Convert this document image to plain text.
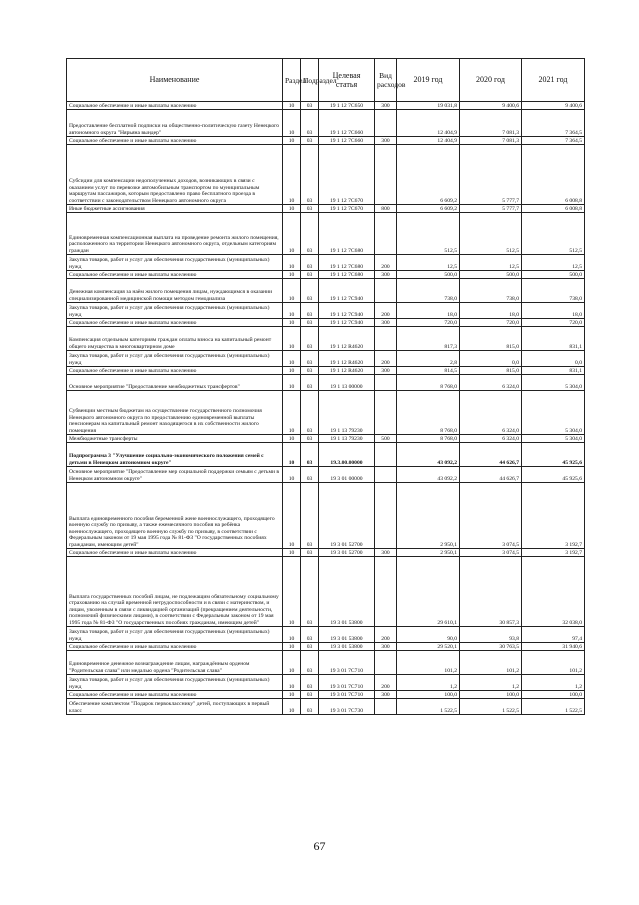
Наименование	Раздел	Подраздел	Целевая статья	Вид расходов	2019 год	2020 год	2021 год
Социальное обеспечение и иные выплаты населению	10	03	19 1 12 7С650	300	19 031,8	9 400,6	9 400,6
Предоставление бесплатной подписки на общественно-политическую газету Ненецкого автономного округа "Нярьяна вындер"	10	03	19 1 12 7С660		12 404,9	7 081,3	7 364,5
Социальное обеспечение и иные выплаты населению	10	03	19 1 12 7С660	300	12 404,9	7 081,3	7 364,5
Субсидии для компенсации недополученных доходов, возникающих в связи с оказанием услуг по перевозке автомобильным транспортом по муниципальным маршрутам пассажиров, которым предоставлено право бесплатного проезда в соответствии с законодательством Ненецкого автономного округа	10	03	19 1 12 7С670		6 609,2	5 777,7	6 008,8
Иные бюджетные ассигнования	10	03	19 1 12 7С670	800	6 609,2	5 777,7	6 008,8
Единовременная компенсационная выплата на проведение ремонта жилого помещения, расположенного на территории Ненецкого автономного округа, отдельным категориям граждан	10	03	19 1 12 7С680		512,5	512,5	512,5
Закупка товаров, работ и услуг для обеспечения государственных (муниципальных) нужд	10	03	19 1 12 7С680	200	12,5	12,5	12,5
Социальное обеспечение и иные выплаты населению	10	03	19 1 12 7С680	300	500,0	500,0	500,0
Денежная компенсация за наём жилого помещения лицам, нуждающимся в оказании специализированной медицинской помощи методом гемодиализа	10	03	19 1 12 7С940		738,0	738,0	738,0
Закупка товаров, работ и услуг для обеспечения государственных (муниципальных) нужд	10	03	19 1 12 7С940	200	18,0	18,0	18,0
Социальное обеспечение и иные выплаты населению	10	03	19 1 12 7С940	300	720,0	720,0	720,0
Компенсация отдельным категориям граждан оплаты взноса на капитальный ремонт общего имущества в многоквартирном доме	10	03	19 1 12 R4620		817,3	815,0	831,1
Закупка товаров, работ и услуг для обеспечения государственных (муниципальных) нужд	10	03	19 1 12 R4620	200	2,8	0,0	0,0
Социальное обеспечение и иные выплаты населению	10	03	19 1 12 R4620	300	814,5	815,0	831,1
Основное мероприятие "Предоставление межбюджетных трансфертов"	10	03	19 1 13 00000		8 768,0	6 324,0	5 304,0
Субвенции местным бюджетам на осуществление государственного полномочия Ненецкого автономного округа по предоставлению единовременной выплаты пенсионерам на капитальный ремонт находящегося в их собственности жилого помещения	10	03	19 1 13 79230		8 768,0	6 324,0	5 304,0
Межбюджетные трансферты	10	03	19 1 13 79230	500	8 768,0	6 324,0	5 304,0
Подпрограмма 3 "Улучшение социально-экономического положения семей с детьми в Ненецком автономном округе"	10	03	19.3.00.00000		43 092,2	44 626,7	45 925,6
Основное мероприятие "Предоставление мер социальной поддержки семьям с детьми в Ненецком автономном округе"	10	03	19 3 01 00000		43 092,2	44 626,7	45 925,6
Выплата единовременного пособия беременной жене военнослужащего, проходящего военную службу по призыву, а также ежемесячного пособия на ребёнка военнослужащего, проходящего военную службу по призыву, в соответствии с Федеральным законом от 19 мая 1995 года № 81-ФЗ "О государственных пособиях гражданам, имеющим детей"	10	03	19 3 01 52700		2 950,1	3 074,5	3 192,7
Социальное обеспечение и иные выплаты населению	10	03	19 3 01 52700	300	2 950,1	3 074,5	3 192,7
Выплата государственных пособий лицам, не подлежащим обязательному социальному страхованию на случай временной нетрудоспособности и в связи с материнством, и лицам, уволенным в связи с ликвидацией организаций (прекращением деятельности, полномочий физическими лицами), в соответствии с Федеральным законом от 19 мая 1995 года № 81-ФЗ "О государственных пособиях гражданам, имеющим детей"	10	03	19 3 01 53800		29 610,1	30 857,3	32 038,0
Закупка товаров, работ и услуг для обеспечения государственных (муниципальных) нужд	10	03	19 3 01 53800	200	90,0	93,8	97,4
Социальное обеспечение и иные выплаты населению	10	03	19 3 01 53800	300	29 520,1	30 763,5	31 940,6
Единовременное денежное вознаграждение лицам, награждённым орденом "Родительская слава" или медалью ордена "Родительская слава"	10	03	19 3 01 7С710		101,2	101,2	101,2
Закупка товаров, работ и услуг для обеспечения государственных (муниципальных) нужд	10	03	19 3 01 7С710	200	1,2	1,2	1,2
Социальное обеспечение и иные выплаты населению	10	03	19 3 01 7С710	300	100,0	100,0	100,0
Обеспечение комплектом "Подарок первокласснику" детей, поступающих в первый класс	10	03	19 3 01 7С730		1 522,5	1 522,5	1 522,5
67
